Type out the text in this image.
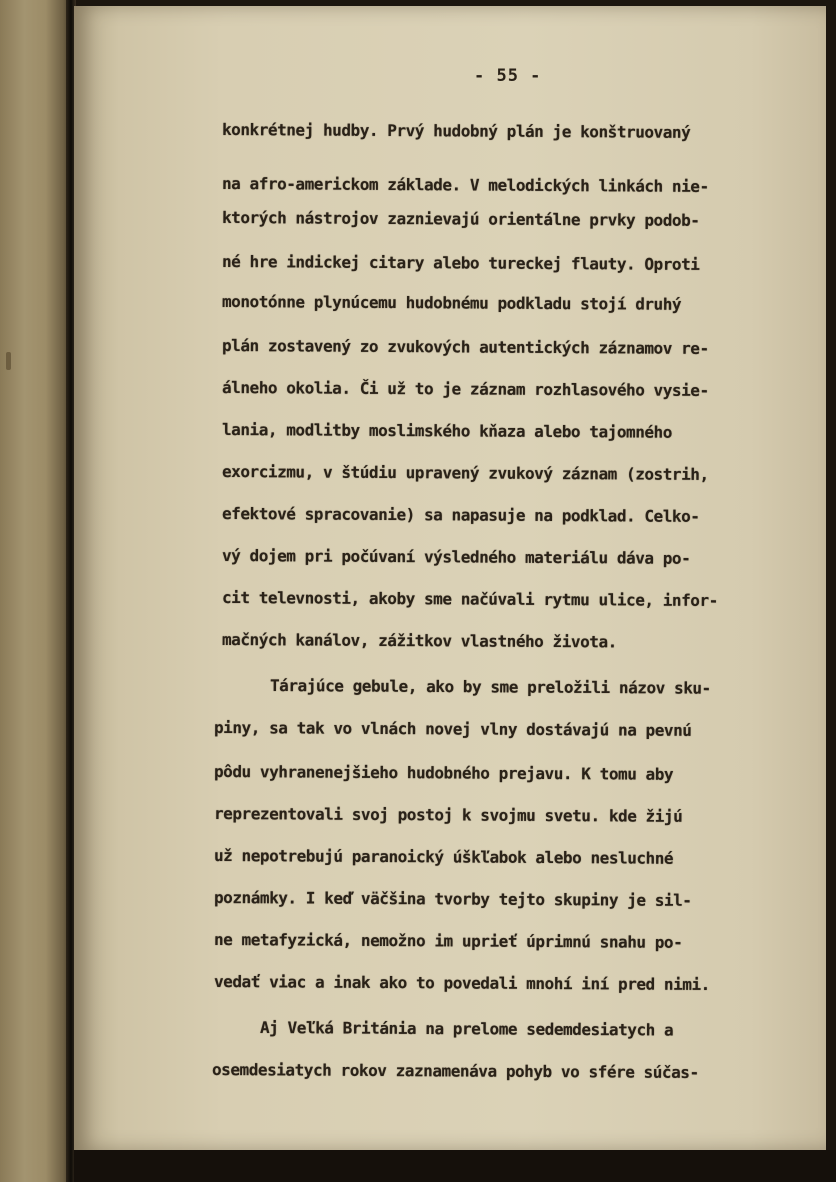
- 55 -
konkrétnej hudby. Prvý hudobný plán je konštruovaný
na afro-americkom základe. V melodických linkách nie-
ktorých nástrojov zaznievajú orientálne prvky podob-
né hre indickej citary alebo tureckej flauty. Oproti
monotónne plynúcemu hudobnému podkladu stojí druhý
plán zostavený zo zvukových autentických záznamov re-
álneho okolia. Či už to je záznam rozhlasového vysie-
lania, modlitby moslimského kňaza alebo tajomného
exorcizmu, v štúdiu upravený zvukový záznam (zostrih,
efektové spracovanie) sa napasuje na podklad. Celko-
vý dojem pri počúvaní výsledného materiálu dáva po-
cit televnosti, akoby sme načúvali rytmu ulice, infor-
mačných kanálov, zážitkov vlastného života.
Tárajúce gebule, ako by sme preložili názov sku-
piny, sa tak vo vlnách novej vlny dostávajú na pevnú
pôdu vyhranenejšieho hudobného prejavu. K tomu aby
reprezentovali svoj postoj k svojmu svetu. kde žijú
už nepotrebujú paranoický úškľabok alebo nesluchné
poznámky. I keď väčšina tvorby tejto skupiny je sil-
ne metafyzická, nemožno im uprieť úprimnú snahu po-
vedať viac a inak ako to povedali mnohí iní pred nimi.
Aj Veľká Británia na prelome sedemdesiatych a
osemdesiatych rokov zaznamenáva pohyb vo sfére súčas-
